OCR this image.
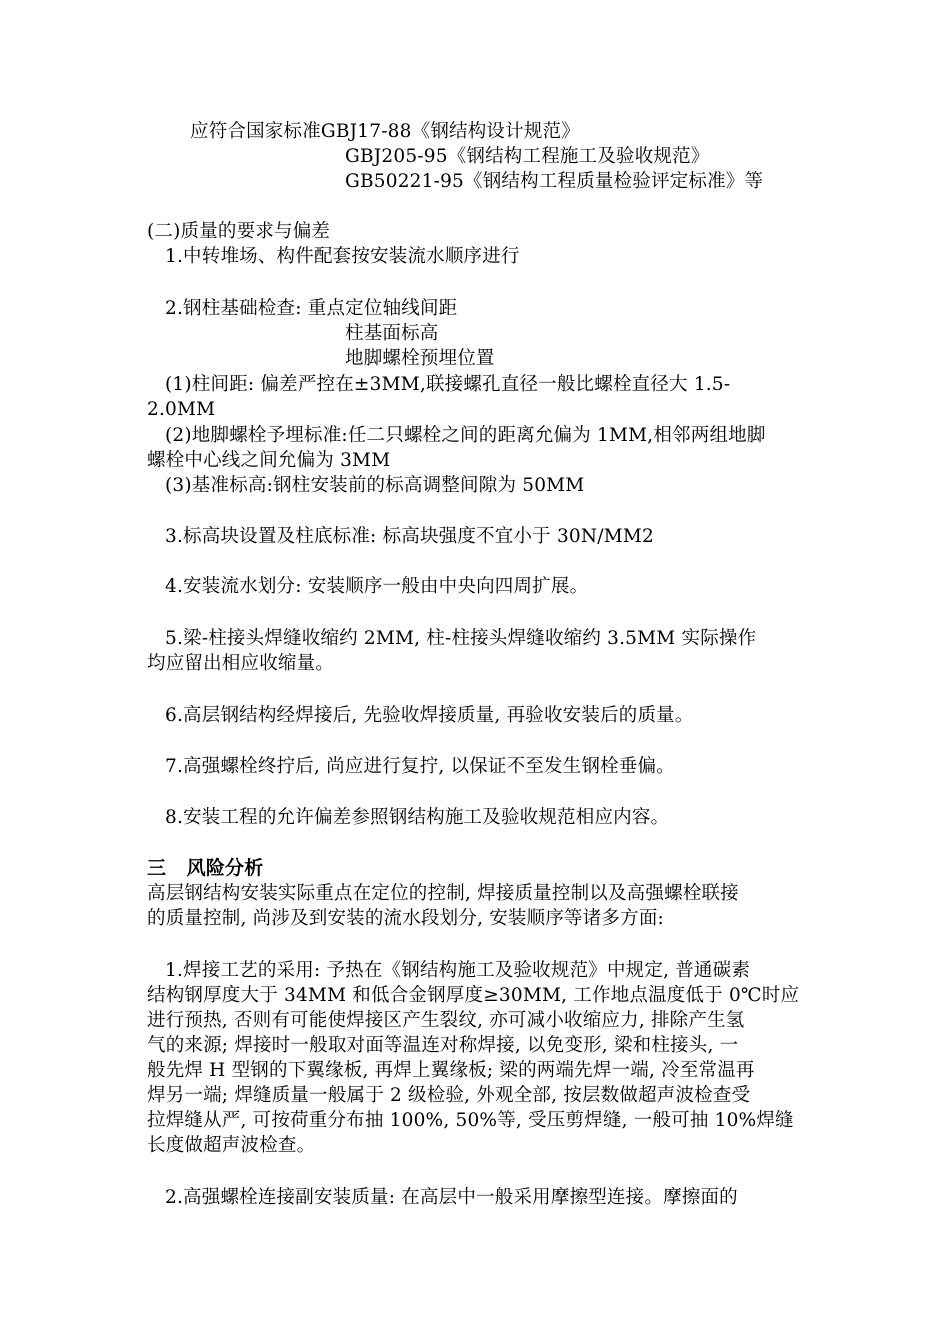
应符合国家标准GBJ17-88《钢结构设计规范》
GBJ205-95《钢结构工程施工及验收规范》
GB50221-95《钢结构工程质量检验评定标准》等
(二)质量的要求与偏差
1.中转堆场、构件配套按安装流水顺序进行
2.钢柱基础检查: 重点定位轴线间距
柱基面标高
地脚螺栓预埋位置
(1)柱间距: 偏差严控在±3MM,联接螺孔直径一般比螺栓直径大 1.5-
2.0MM
(2)地脚螺栓予埋标准:任二只螺栓之间的距离允偏为 1MM,相邻两组地脚
螺栓中心线之间允偏为 3MM
(3)基准标高:钢柱安装前的标高调整间隙为 50MM
3.标高块设置及柱底标准: 标高块强度不宜小于 30N/MM2
4.安装流水划分: 安装顺序一般由中央向四周扩展。
5.梁-柱接头焊缝收缩约 2MM, 柱-柱接头焊缝收缩约 3.5MM 实际操作
均应留出相应收缩量。
6.高层钢结构经焊接后, 先验收焊接质量, 再验收安装后的质量。
7.高强螺栓终拧后, 尚应进行复拧, 以保证不至发生钢栓垂偏。
8.安装工程的允许偏差参照钢结构施工及验收规范相应内容。
三   风险分析
高层钢结构安装实际重点在定位的控制, 焊接质量控制以及高强螺栓联接
的质量控制, 尚涉及到安装的流水段划分, 安装顺序等诸多方面:
1.焊接工艺的采用: 予热在《钢结构施工及验收规范》中规定, 普通碳素
结构钢厚度大于 34MM 和低合金钢厚度≥30MM, 工作地点温度低于 0℃时应
进行预热, 否则有可能使焊接区产生裂纹, 亦可减小收缩应力, 排除产生氢
气的来源; 焊接时一般取对面等温连对称焊接, 以免变形, 梁和柱接头, 一
般先焊 H 型钢的下翼缘板, 再焊上翼缘板; 梁的两端先焊一端, 冷至常温再
焊另一端; 焊缝质量一般属于 2 级检验, 外观全部, 按层数做超声波检查受
拉焊缝从严, 可按荷重分布抽 100%, 50%等, 受压剪焊缝, 一般可抽 10%焊缝
长度做超声波检查。
2.高强螺栓连接副安装质量: 在高层中一般采用摩擦型连接。摩擦面的
